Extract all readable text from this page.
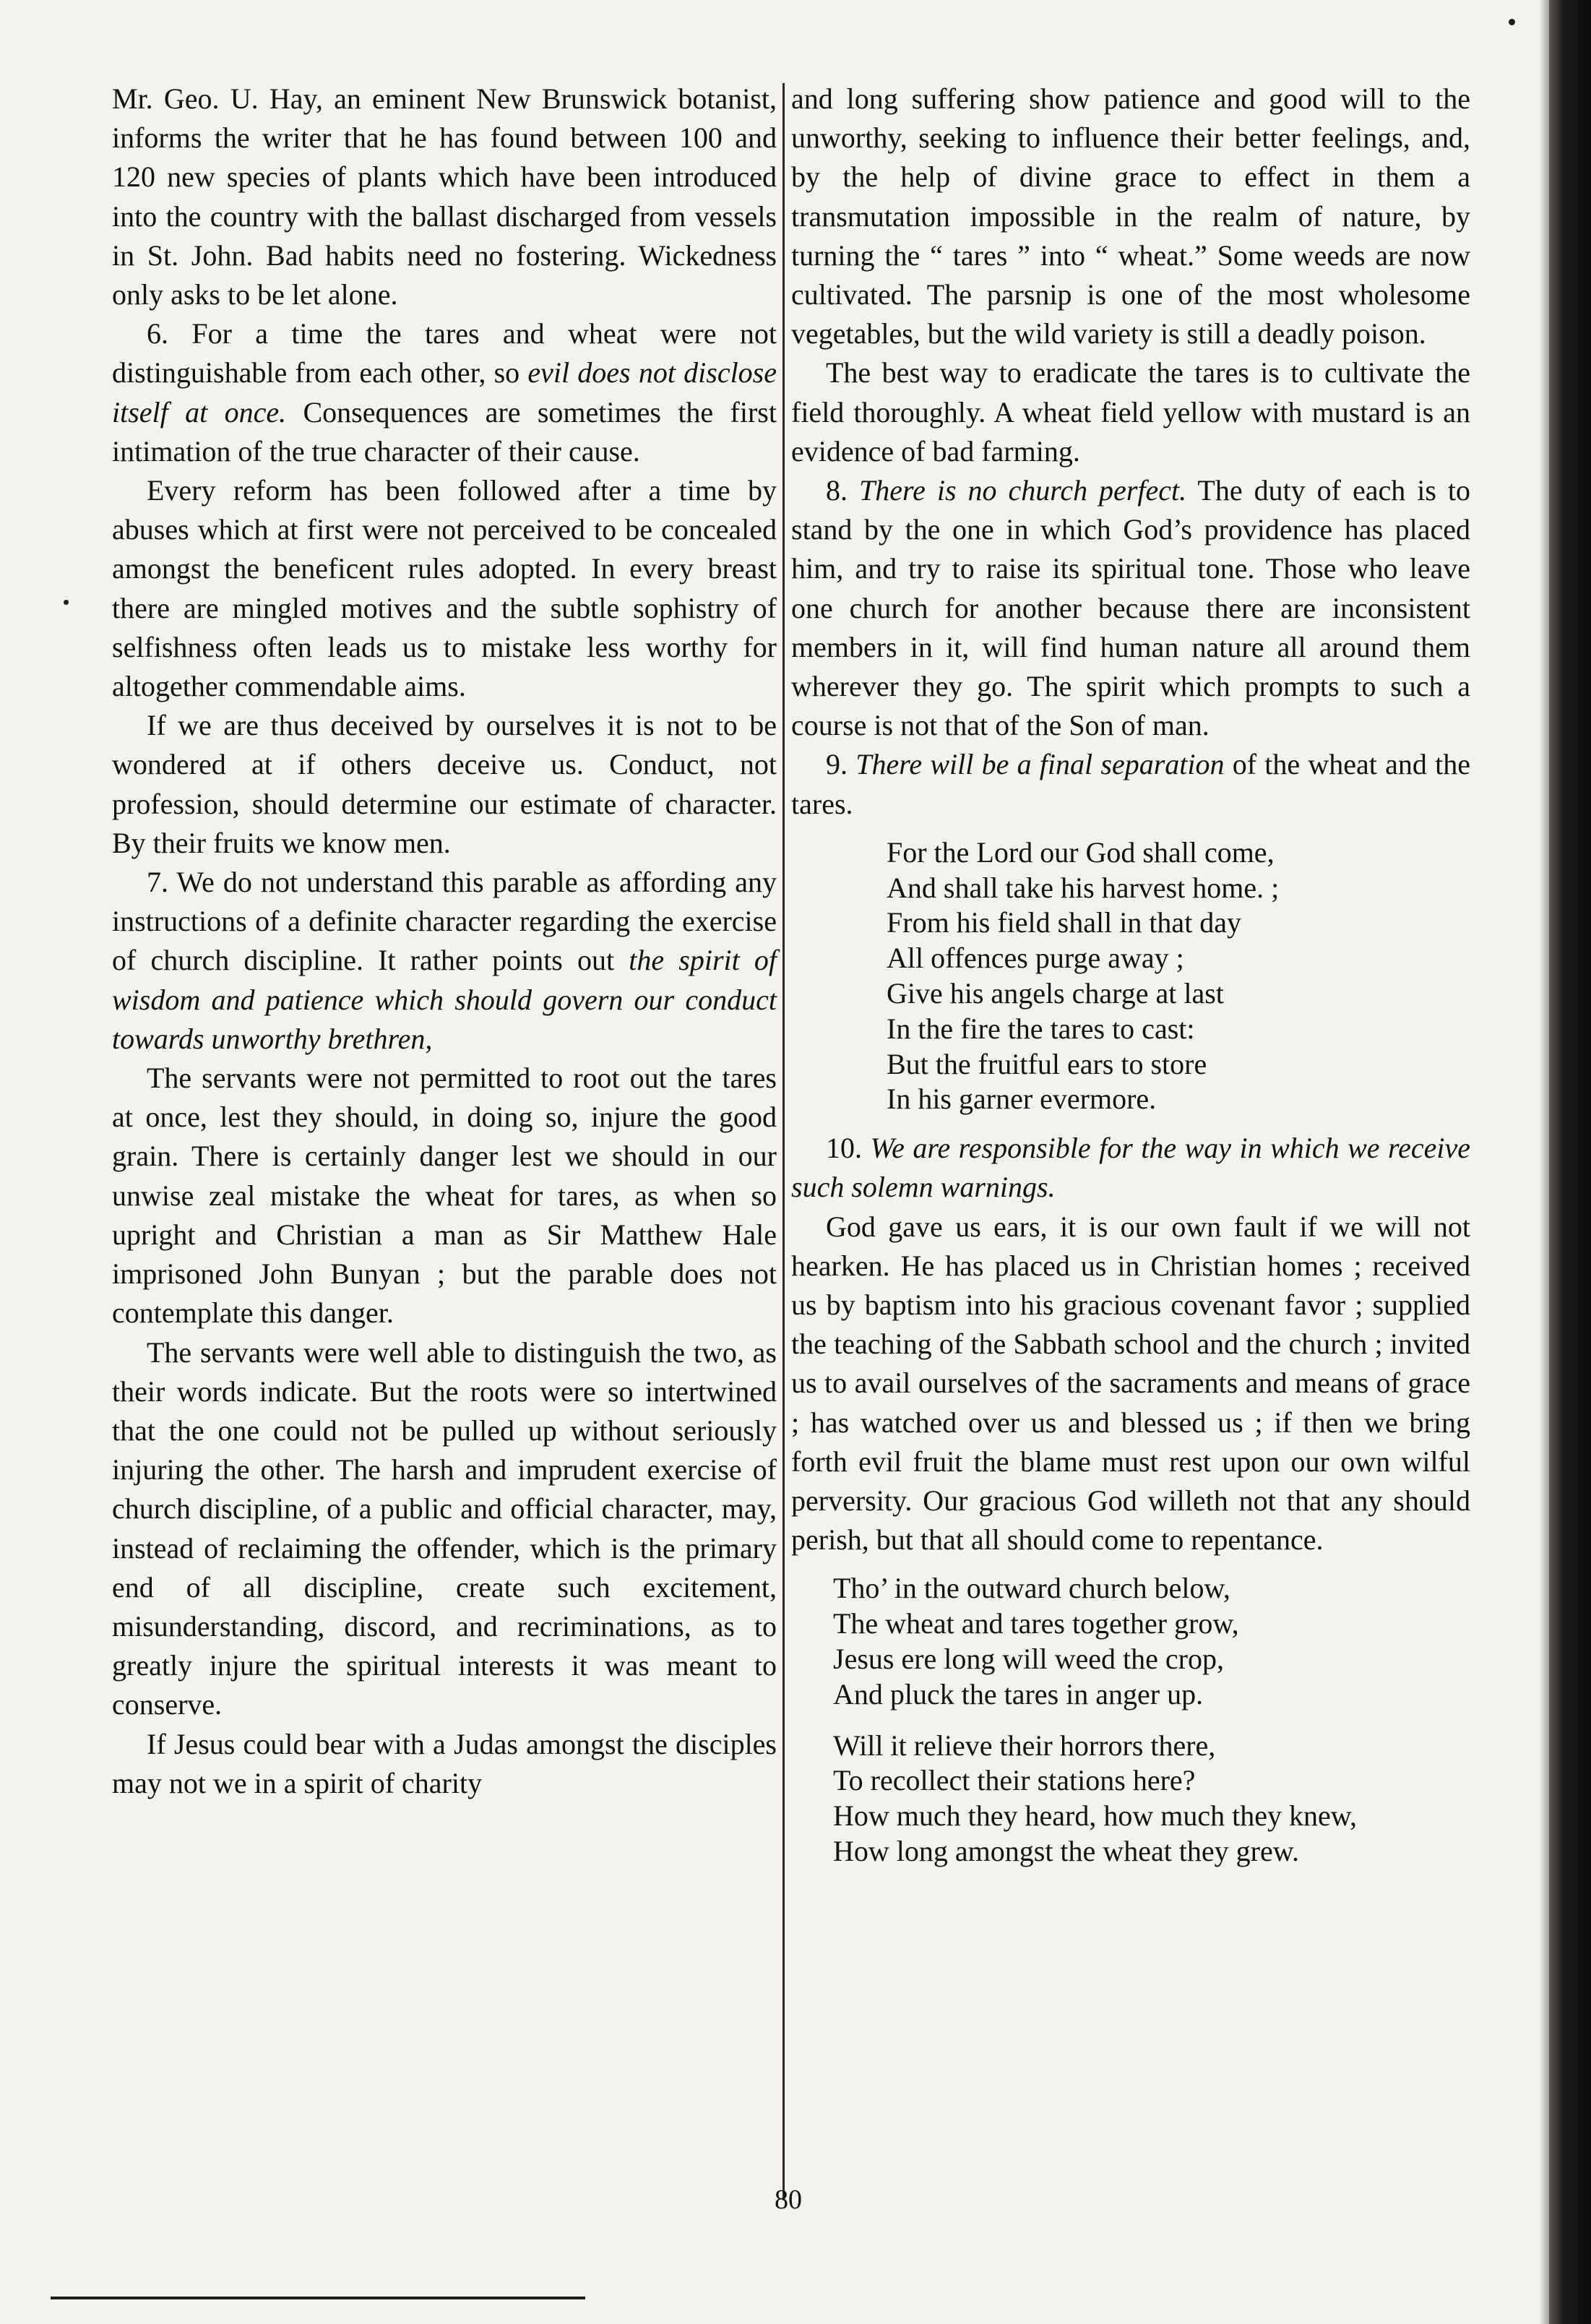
Mr. Geo. U. Hay, an eminent New Brunswick botanist, informs the writer that he has found between 100 and 120 new species of plants which have been introduced into the country with the ballast discharged from vessels in St. John. Bad habits need no fostering. Wickedness only asks to be let alone.

6. For a time the tares and wheat were not distinguishable from each other, so evil does not disclose itself at once. Consequences are sometimes the first intimation of the true character of their cause.

Every reform has been followed after a time by abuses which at first were not perceived to be concealed amongst the beneficent rules adopted. In every breast there are mingled motives and the subtle sophistry of selfishness often leads us to mistake less worthy for altogether commendable aims.

If we are thus deceived by ourselves it is not to be wondered at if others deceive us. Conduct, not profession, should determine our estimate of character. By their fruits we know men.

7. We do not understand this parable as affording any instructions of a definite character regarding the exercise of church discipline. It rather points out the spirit of wisdom and patience which should govern our conduct towards unworthy brethren,

The servants were not permitted to root out the tares at once, lest they should, in doing so, injure the good grain. There is certainly danger lest we should in our unwise zeal mistake the wheat for tares, as when so upright and Christian a man as Sir Matthew Hale imprisoned John Bunyan ; but the parable does not contemplate this danger.

The servants were well able to distinguish the two, as their words indicate. But the roots were so intertwined that the one could not be pulled up without seriously injuring the other. The harsh and imprudent exercise of church discipline, of a public and official character, may, instead of reclaiming the offender, which is the primary end of all discipline, create such excitement, misunderstanding, discord, and recriminations, as to greatly injure the spiritual interests it was meant to conserve.

If Jesus could bear with a Judas amongst the disciples may not we in a spirit of charity

and long suffering show patience and good will to the unworthy, seeking to influence their better feelings, and, by the help of divine grace to effect in them a transmutation impossible in the realm of nature, by turning the “ tares ” into “ wheat.” Some weeds are now cultivated. The parsnip is one of the most wholesome vegetables, but the wild variety is still a deadly poison.

The best way to eradicate the tares is to cultivate the field thoroughly. A wheat field yellow with mustard is an evidence of bad farming.

8. There is no church perfect. The duty of each is to stand by the one in which God’s providence has placed him, and try to raise its spiritual tone. Those who leave one church for another because there are inconsistent members in it, will find human nature all around them wherever they go. The spirit which prompts to such a course is not that of the Son of man.

9. There will be a final separation of the wheat and the tares.

For the Lord our God shall come,
And shall take his harvest home. ;
From his field shall in that day
All offences purge away ;
Give his angels charge at last
In the fire the tares to cast:
But the fruitful ears to store
In his garner evermore.

10. We are responsible for the way in which we receive such solemn warnings.

God gave us ears, it is our own fault if we will not hearken. He has placed us in Christian homes ; received us by baptism into his gracious covenant favor ; supplied the teaching of the Sabbath school and the church ; invited us to avail ourselves of the sacraments and means of grace ; has watched over us and blessed us ; if then we bring forth evil fruit the blame must rest upon our own wilful perversity. Our gracious God willeth not that any should perish, but that all should come to repentance.

Tho’ in the outward church below,
The wheat and tares together grow,
Jesus ere long will weed the crop,
And pluck the tares in anger up.
Will it relieve their horrors there,
To recollect their stations here?
How much they heard, how much they knew,
How long amongst the wheat they grew.
80
